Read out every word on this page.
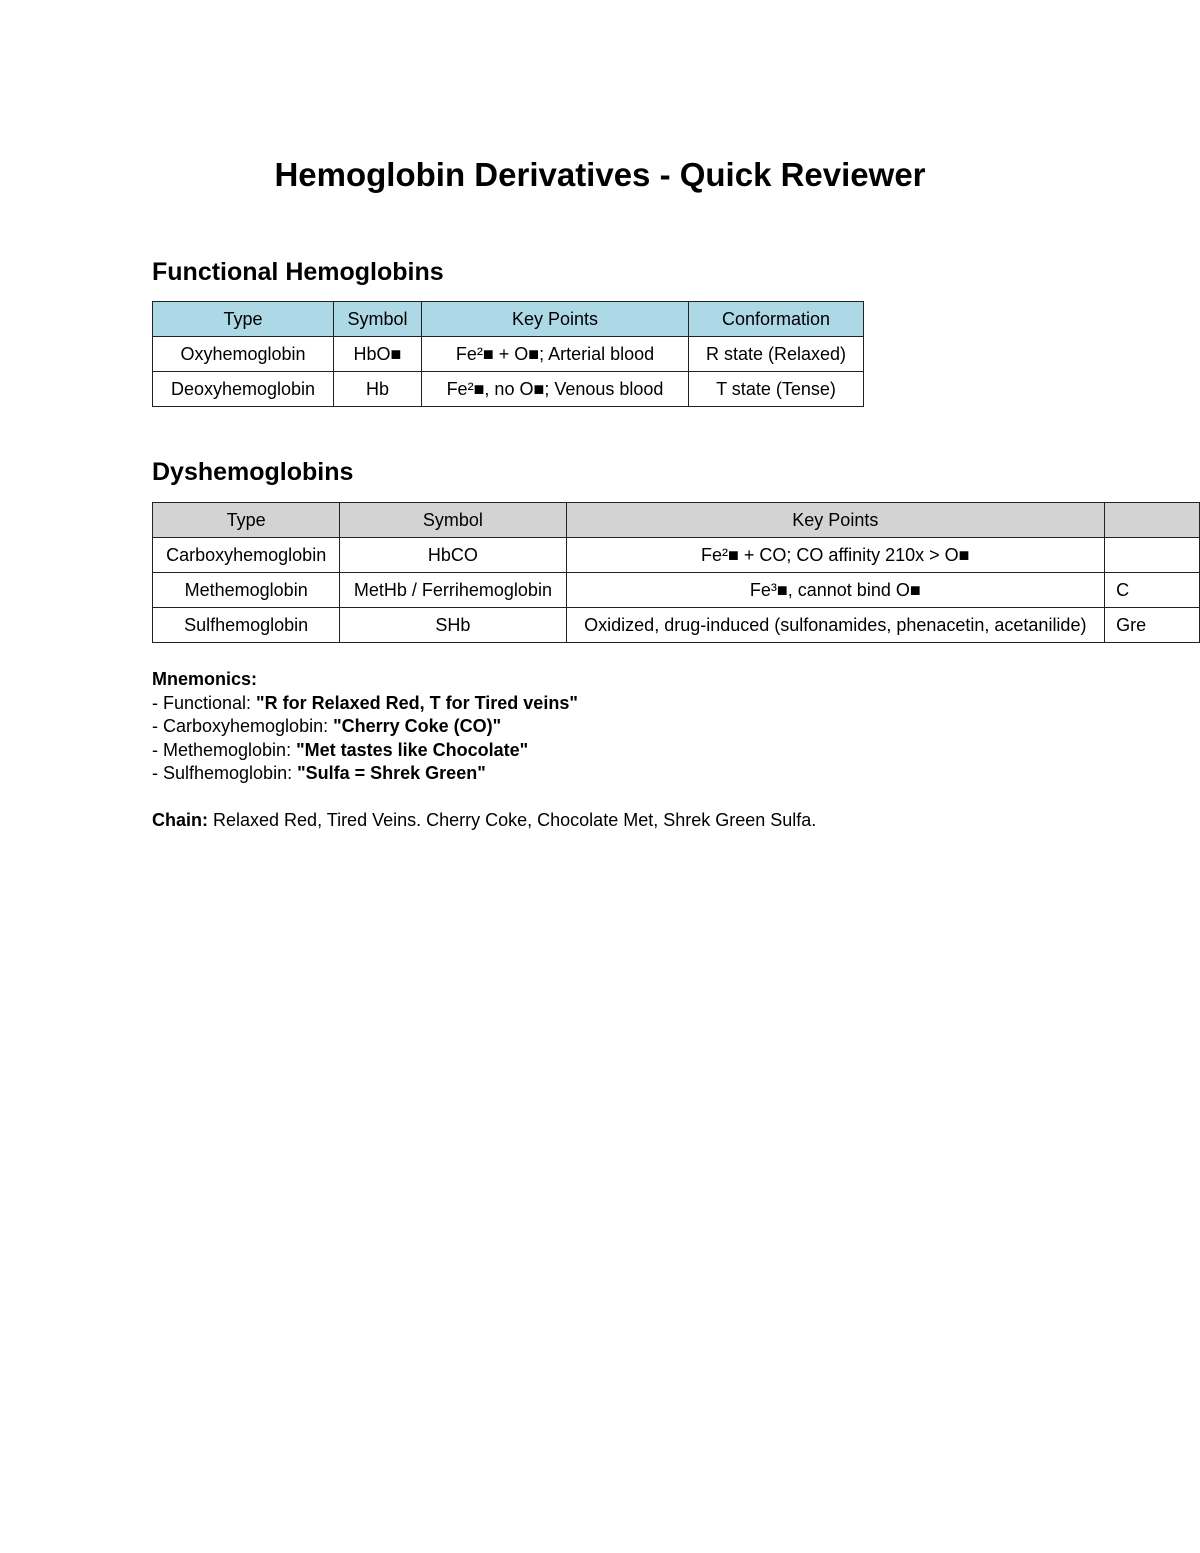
Hemoglobin Derivatives - Quick Reviewer
Functional Hemoglobins
Type	Symbol	Key Points	Conformation
Oxyhemoglobin	HbO■	Fe²■ + O■; Arterial blood	R state (Relaxed)
Deoxyhemoglobin	Hb	Fe²■, no O■; Venous blood	T state (Tense)
Dyshemoglobins
Type	Symbol	Key Points	
Carboxyhemoglobin	HbCO	Fe²■ + CO; CO affinity 210x > O■	
Methemoglobin	MetHb / Ferrihemoglobin	Fe³■, cannot bind O■	C
Sulfhemoglobin	SHb	Oxidized, drug-induced (sulfonamides, phenacetin, acetanilide)	Gre
Mnemonics:
- Functional: "R for Relaxed Red, T for Tired veins"
- Carboxyhemoglobin: "Cherry Coke (CO)"
- Methemoglobin: "Met tastes like Chocolate"
- Sulfhemoglobin: "Sulfa = Shrek Green"
Chain: Relaxed Red, Tired Veins. Cherry Coke, Chocolate Met, Shrek Green Sulfa.
